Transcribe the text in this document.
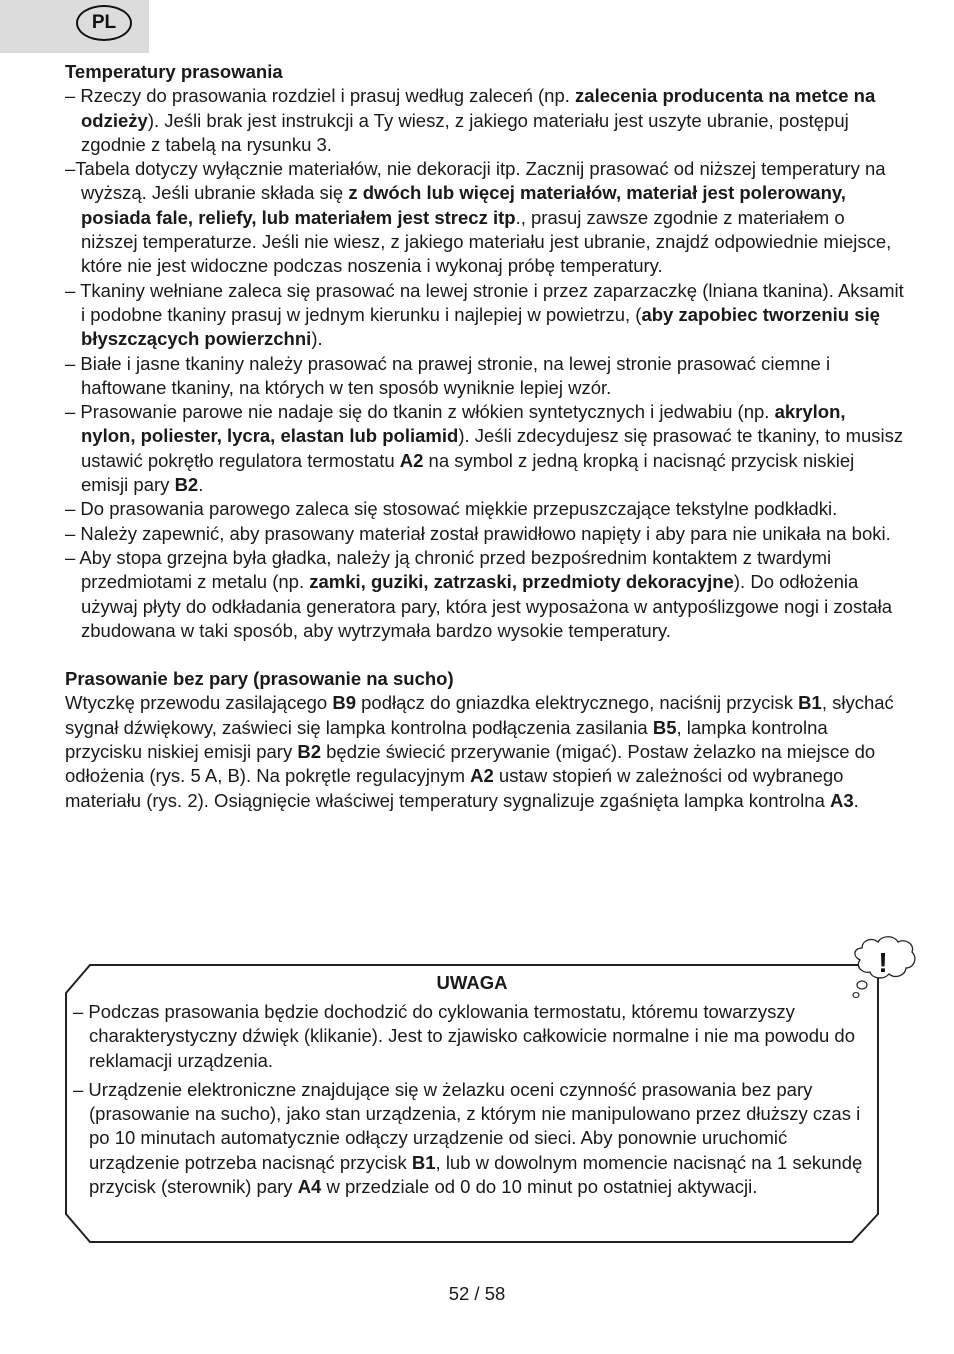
PL
Temperatury prasowania
– Rzeczy do prasowania rozdziel i prasuj według zaleceń (np. zalecenia producenta na metce na odzieży). Jeśli brak jest instrukcji a Ty wiesz, z jakiego materiału jest uszyte ubranie, postępuj zgodnie z tabelą na rysunku 3.
–Tabela dotyczy wyłącznie materiałów, nie dekoracji itp. Zacznij prasować od niższej temperatury na wyższą. Jeśli ubranie składa się z dwóch lub więcej materiałów, materiał jest polerowany, posiada fale, reliefy, lub materiałem jest strecz itp., prasuj zawsze zgodnie z materiałem o niższej temperaturze. Jeśli nie wiesz, z jakiego materiału jest ubranie, znajdź odpowiednie miejsce, które nie jest widoczne podczas noszenia i wykonaj próbę temperatury.
– Tkaniny wełniane zaleca się prasować na lewej stronie i przez zaparzaczkę (lniana tkanina). Aksamit i podobne tkaniny prasuj w jednym kierunku i najlepiej w powietrzu, (aby zapobiec tworzeniu się błyszczących powierzchni).
– Białe i jasne tkaniny należy prasować na prawej stronie, na lewej stronie prasować ciemne i haftowane tkaniny, na których w ten sposób wyniknie lepiej wzór.
– Prasowanie parowe nie nadaje się do tkanin z włókien syntetycznych i jedwabiu (np. akrylon, nylon, poliester, lycra, elastan lub poliamid). Jeśli zdecydujesz się prasować te tkaniny, to musisz ustawić pokrętło regulatora termostatu A2 na symbol z jedną kropką i nacisnąć przycisk niskiej emisji pary B2.
– Do prasowania parowego zaleca się stosować miękkie przepuszczające tekstylne podkładki.
– Należy zapewnić, aby prasowany materiał został prawidłowo napięty i aby para nie unikała na boki.
– Aby stopa grzejna była gładka, należy ją chronić przed bezpośrednim kontaktem z twardymi przedmiotami z metalu (np. zamki, guziki, zatrzaski, przedmioty dekoracyjne). Do odłożenia używaj płyty do odkładania generatora pary, która jest wyposażona w antypoślizgowe nogi i została zbudowana w taki sposób, aby wytrzymała bardzo wysokie temperatury.
Prasowanie bez pary (prasowanie na sucho)
Wtyczkę przewodu zasilającego B9 podłącz do gniazdka elektrycznego, naciśnij przycisk B1, słychać sygnał dźwiękowy, zaświeci się lampka kontrolna podłączenia zasilania B5, lampka kontrolna przycisku niskiej emisji pary B2 będzie świecić przerywanie (migać). Postaw żelazko na miejsce do odłożenia (rys. 5 A, B). Na pokrętle regulacyjnym A2 ustaw stopień w zależności od wybranego materiału (rys. 2). Osiągnięcie właściwej temperatury sygnalizuje zgaśnięta lampka kontrolna A3.
!
UWAGA
– Podczas prasowania będzie dochodzić do cyklowania termostatu, któremu towarzyszy charakterystyczny dźwięk (klikanie). Jest to zjawisko całkowicie normalne i nie ma powodu do reklamacji urządzenia.
– Urządzenie elektroniczne znajdujące się w żelazku oceni czynność prasowania bez pary (prasowanie na sucho), jako stan urządzenia, z którym nie manipulowano przez dłuższy czas i po 10 minutach automatycznie odłączy urządzenie od sieci. Aby ponownie uruchomić urządzenie potrzeba nacisnąć przycisk B1, lub w dowolnym momencie nacisnąć na 1 sekundę przycisk (sterownik) pary A4 w przedziale od 0 do 10 minut po ostatniej aktywacji.
52 / 58
